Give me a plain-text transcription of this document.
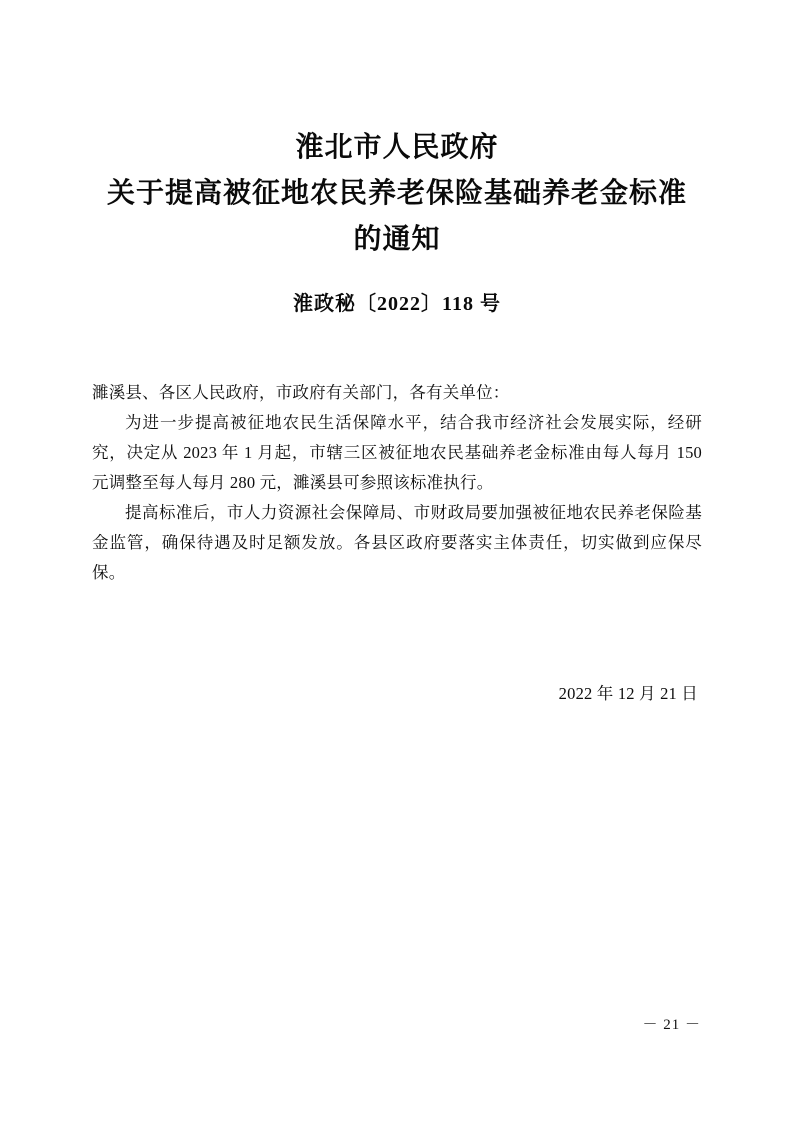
淮北市人民政府
关于提高被征地农民养老保险基础养老金标准
的通知
淮政秘〔2022〕118 号
濉溪县、各区人民政府，市政府有关部门，各有关单位：

为进一步提高被征地农民生活保障水平，结合我市经济社会发展实际，经研究，决定从 2023 年 1 月起，市辖三区被征地农民基础养老金标准由每人每月 150 元调整至每人每月 280 元，濉溪县可参照该标准执行。

提高标准后，市人力资源社会保障局、市财政局要加强被征地农民养老保险基金监管，确保待遇及时足额发放。各县区政府要落实主体责任，切实做到应保尽保。

2022 年 12 月 21 日
－ 21 －
